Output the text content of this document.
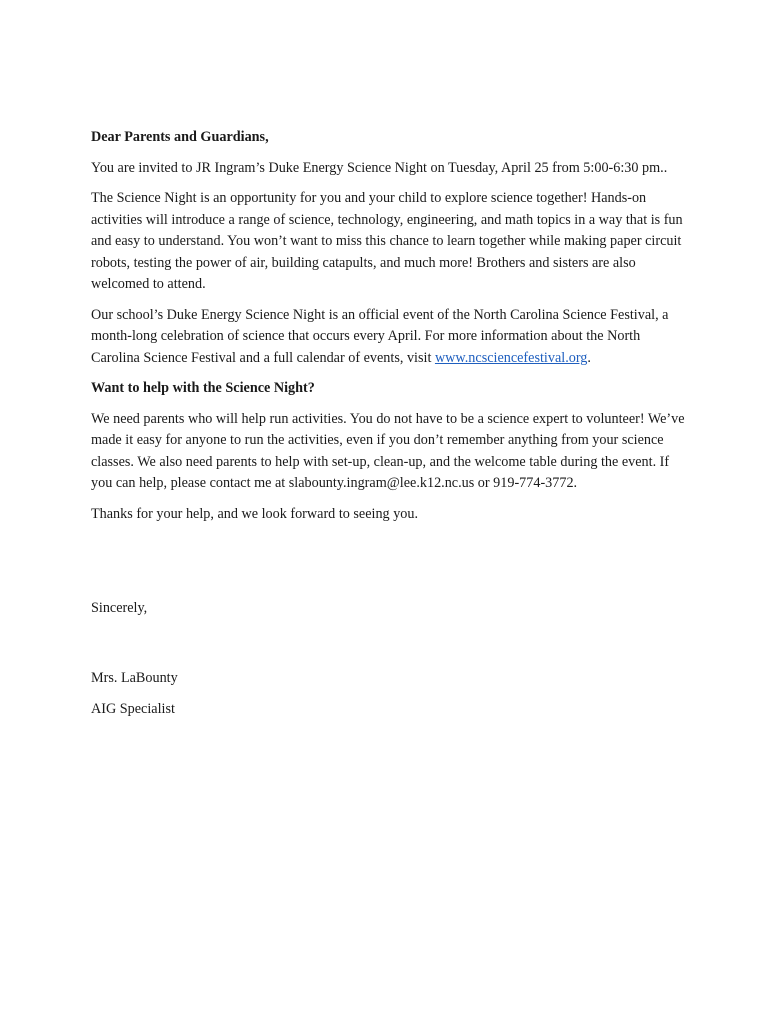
Dear Parents and Guardians,

You are invited to JR Ingram’s Duke Energy Science Night on Tuesday, April 25 from 5:00-6:30 pm..

The Science Night is an opportunity for you and your child to explore science together! Hands-on activities will introduce a range of science, technology, engineering, and math topics in a way that is fun and easy to understand. You won’t want to miss this chance to learn together while making paper circuit robots, testing the power of air, building catapults, and much more! Brothers and sisters are also welcomed to attend.

Our school’s Duke Energy Science Night is an official event of the North Carolina Science Festival, a month-long celebration of science that occurs every April. For more information about the North Carolina Science Festival and a full calendar of events, visit www.ncsciencefestival.org.

Want to help with the Science Night?

We need parents who will help run activities. You do not have to be a science expert to volunteer! We’ve made it easy for anyone to run the activities, even if you don’t remember anything from your science classes. We also need parents to help with set-up, clean-up, and the welcome table during the event. If you can help, please contact me at slabounty.ingram@lee.k12.nc.us or 919-774-3772.

Thanks for your help, and we look forward to seeing you.

Sincerely,

Mrs. LaBounty

AIG Specialist
